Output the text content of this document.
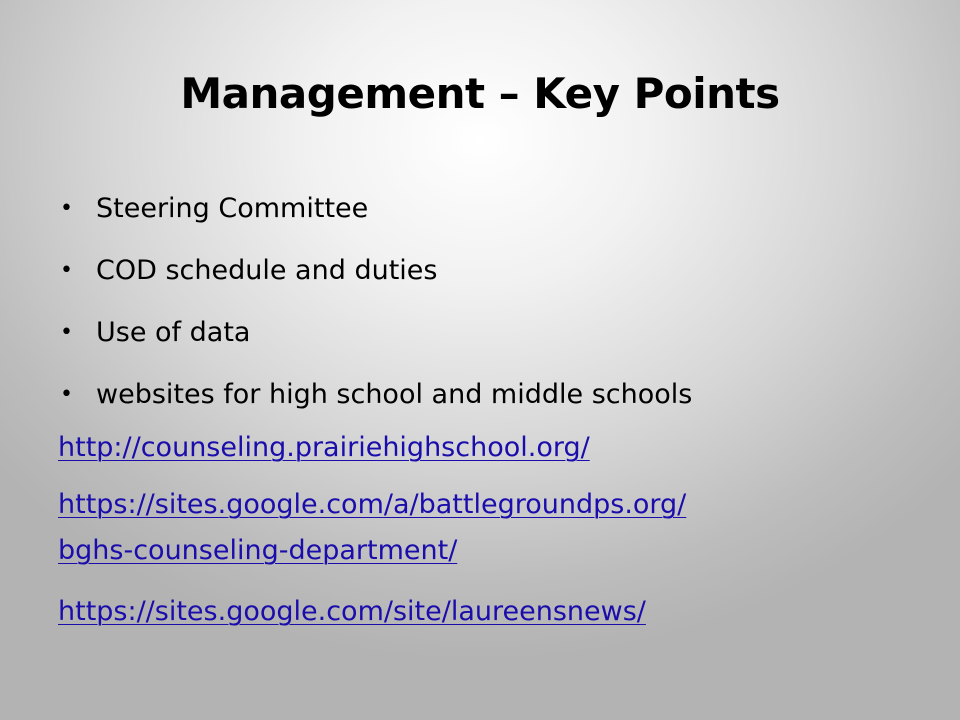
Management – Key Points
• Steering Committee
• COD schedule and duties
• Use of data
• websites for high school and middle schools
http://counseling.prairiehighschool.org/
https://sites.google.com/a/battlegroundps.org/
bghs-counseling-department/
https://sites.google.com/site/laureensnews/
